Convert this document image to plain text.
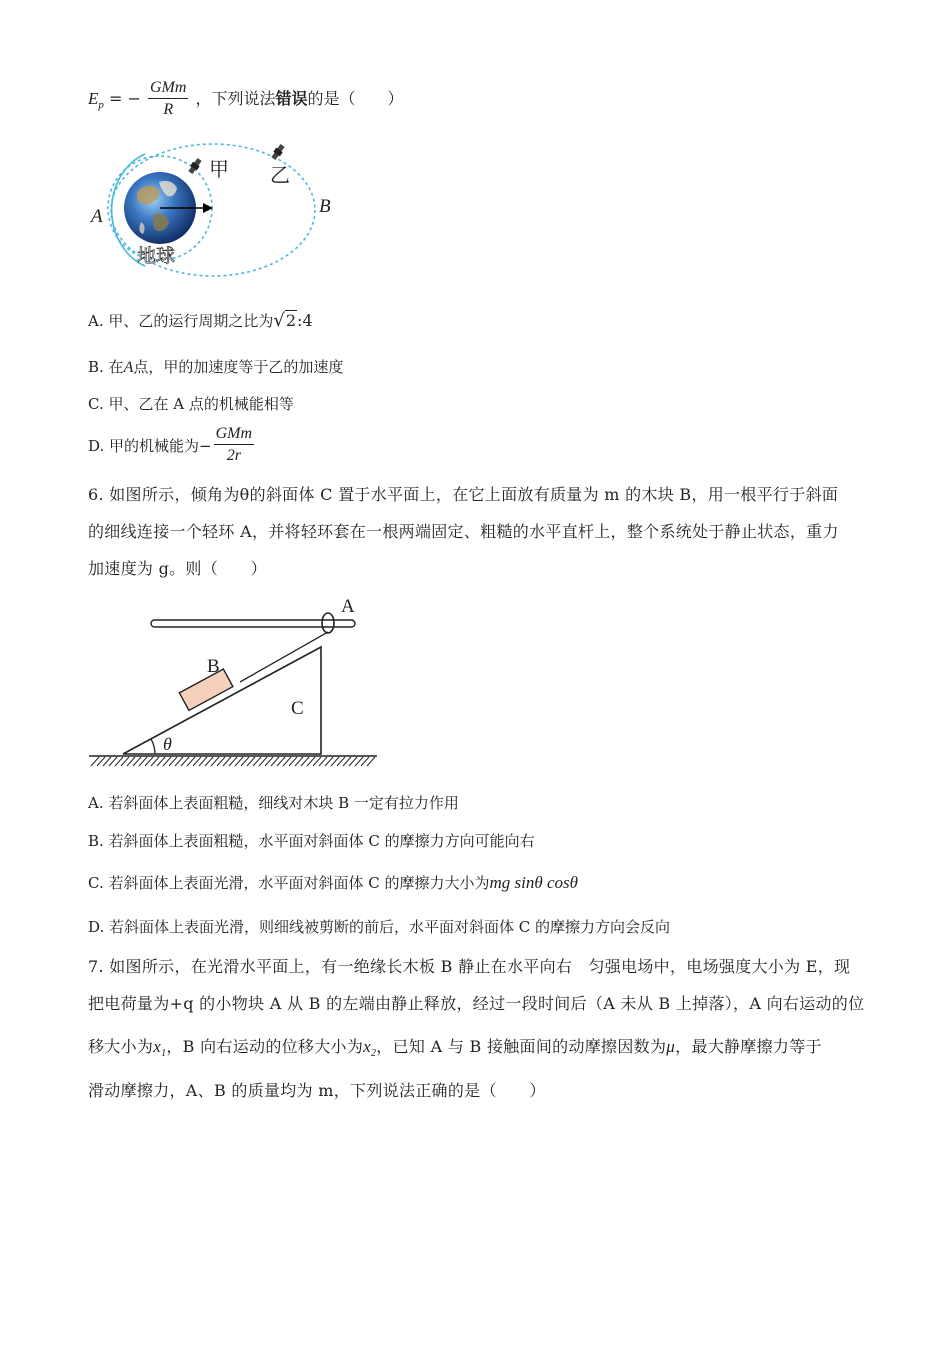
$E_p$ = − $\frac{\text{GMm}}{R}$ ，下列说法错误的是（　　）
甲 乙
A	B
地球
A. 甲、乙的运行周期之比为√2:4
B. 在A点，甲的加速度等于乙的加速度
C. 甲、乙在 A 点的机械能相等
D. 甲的机械能为− $\frac{\text{GMm}}{2r}$
6. 如图所示，倾角为θ的斜面体 C 置于水平面上，在它上面放有质量为 m 的木块 B，用一根平行于斜面
的细线连接一个轻环 A，并将轻环套在一根两端固定、粗糙的水平直杆上，整个系统处于静止状态，重力
加速度为 g。则（　　）
A
B
C
θ
A. 若斜面体上表面粗糙，细线对木块 B 一定有拉力作用
B. 若斜面体上表面粗糙，水平面对斜面体 C 的摩擦力方向可能向右
C. 若斜面体上表面光滑，水平面对斜面体 C 的摩擦力大小为mg sinθ cosθ
D. 若斜面体上表面光滑，则细线被剪断的前后，水平面对斜面体 C 的摩擦力方向会反向
7. 如图所示，在光滑水平面上，有一绝缘长木板 B 静止在水平向右　匀强电场中，电场强度大小为 E，现
把电荷量为+q 的小物块 A 从 B 的左端由静止释放，经过一段时间后（A 未从 B 上掉落），A 向右运动的位
移大小为$x_1$，B 向右运动的位移大小为$x_2$，已知 A 与 B 接触面间的动摩擦因数为μ，最大静摩擦力等于
滑动摩擦力，A、B 的质量均为 m，下列说法正确的是（　　）
